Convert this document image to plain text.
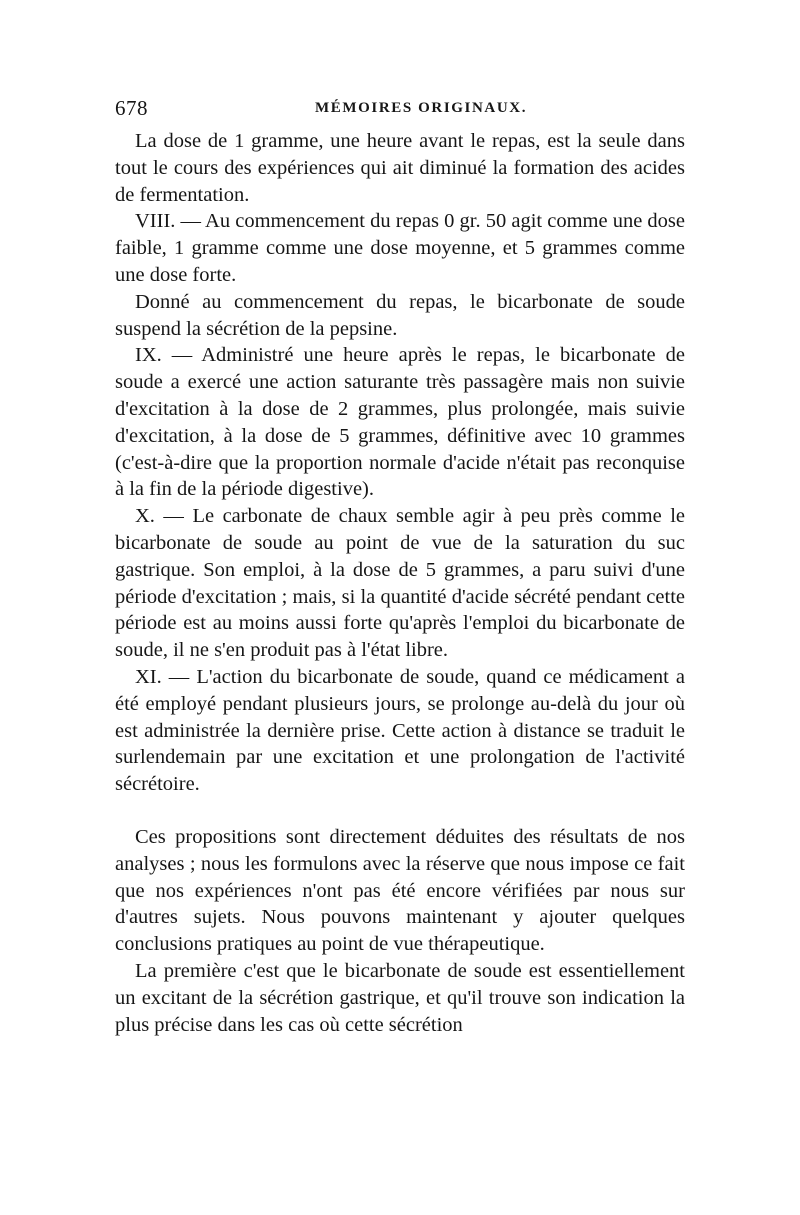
678	MÉMOIRES ORIGINAUX.

La dose de 1 gramme, une heure avant le repas, est la seule dans tout le cours des expériences qui ait diminué la formation des acides de fermentation.

VIII. — Au commencement du repas 0 gr. 50 agit comme une dose faible, 1 gramme comme une dose moyenne, et 5 grammes comme une dose forte.

Donné au commencement du repas, le bicarbonate de soude suspend la sécrétion de la pepsine.

IX. — Administré une heure après le repas, le bicarbonate de soude a exercé une action saturante très passagère mais non suivie d'excitation à la dose de 2 grammes, plus prolongée, mais suivie d'excitation, à la dose de 5 grammes, définitive avec 10 grammes (c'est-à-dire que la proportion normale d'acide n'était pas reconquise à la fin de la période digestive).

X. — Le carbonate de chaux semble agir à peu près comme le bicarbonate de soude au point de vue de la saturation du suc gastrique. Son emploi, à la dose de 5 grammes, a paru suivi d'une période d'excitation ; mais, si la quantité d'acide sécrété pendant cette période est au moins aussi forte qu'après l'emploi du bicarbonate de soude, il ne s'en produit pas à l'état libre.

XI. — L'action du bicarbonate de soude, quand ce médicament a été employé pendant plusieurs jours, se prolonge au-delà du jour où est administrée la dernière prise. Cette action à distance se traduit le surlendemain par une excitation et une prolongation de l'activité sécrétoire.

Ces propositions sont directement déduites des résultats de nos analyses ; nous les formulons avec la réserve que nous impose ce fait que nos expériences n'ont pas été encore vérifiées par nous sur d'autres sujets. Nous pouvons maintenant y ajouter quelques conclusions pratiques au point de vue thérapeutique.

La première c'est que le bicarbonate de soude est essentiellement un excitant de la sécrétion gastrique, et qu'il trouve son indication la plus précise dans les cas où cette sécrétion
